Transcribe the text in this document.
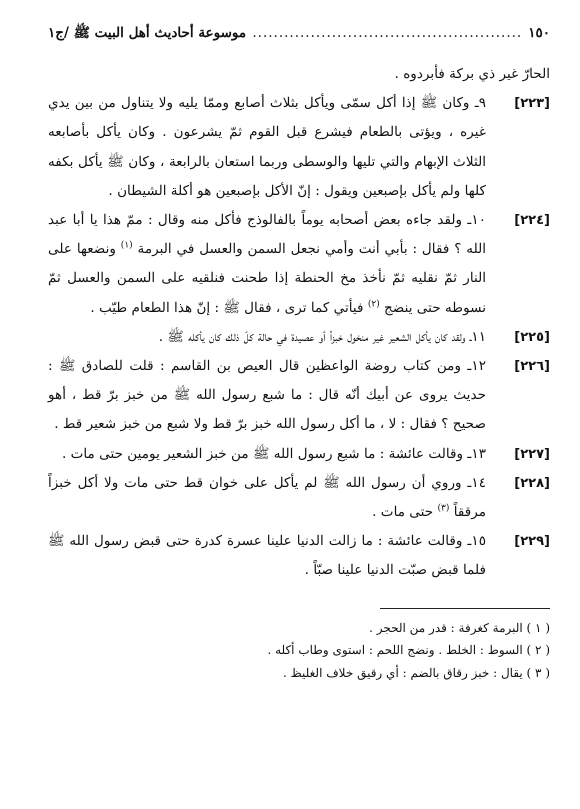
١٥٠
.....
موسوعة أحاديث أهل البيت ﷺ /ج١

الحارّ غير ذي بركة فأبردوه .

[٢٢٣]
٩ـ وكان ﷺ إذا أكل سمّى ويأكل بثلاث أصابع وممّا يليه ولا يتناول من بين يدي غيره ، ويؤتى بالطعام فيشرع قبل القوم ثمّ يشرعون . وكان يأكل بأصابعه الثلاث الإبهام والتي تليها والوسطى وربما استعان بالرابعة ، وكان ﷺ يأكل بكفه كلها ولم يأكل بإصبعين ويقول : إنّ الأكل بإصبعين هو أكلة الشيطان .
[٢٢٤]
١٠ـ ولقد جاءه بعض أصحابه يوماً بالفالوذج فأكل منه وقال : ممّ هذا يا أبا عبد الله ؟ فقال : بأبي أنت وأمي نجعل السمن والعسل في البرمة $^{(١)}$ ونضعها على النار ثمّ نقليه ثمّ نأخذ مخ الحنطة إذا طحنت فنلقيه على السمن والعسل ثمّ نسوطه حتى ينضج $^{(٢)}$ فيأتي كما ترى ، فقال ﷺ : إنّ هذا الطعام طيّب .
[٢٢٥]
١١ـ ولقد كان يأكل الشعير غير منخول خبزاً أو عصيدة في حالة كلّ ذلك كان يأكله ﷺ .
[٢٢٦]
١٢ـ ومن كتاب روضة الواعظين قال العيص بن القاسم : قلت للصادق ﷺ : حديث يروى عن أبيك أنّه قال : ما شبع رسول الله ﷺ من خبز برّ قط ، أهو صحيح ؟ فقال : لا ، ما أكل رسول الله خبز برّ قط ولا شبع من خبز شعير قط .
[٢٢٧]
١٣ـ وقالت عائشة : ما شبع رسول الله ﷺ من خبز الشعير يومين حتى مات .
[٢٢٨]
١٤ـ وروي أن رسول الله ﷺ لم يأكل على خوان قط حتى مات ولا أكل خبزاً مرققاً $^{(٣)}$ حتى مات .
[٢٢٩]
١٥ـ وقالت عائشة : ما زالت الدنيا علينا عسرة كدرة حتى قبض رسول الله ﷺ فلما قبض صبّت الدنيا علينا صبّاً .

( ١ ) البرمة كغرفة : قدر من الحجر .

( ٢ ) السوط : الخلط . ونضج اللحم : استوى وطاب أكله .

( ٣ ) يقال : خبز رقاق بالضم : أي رقيق خلاف الغليظ .
